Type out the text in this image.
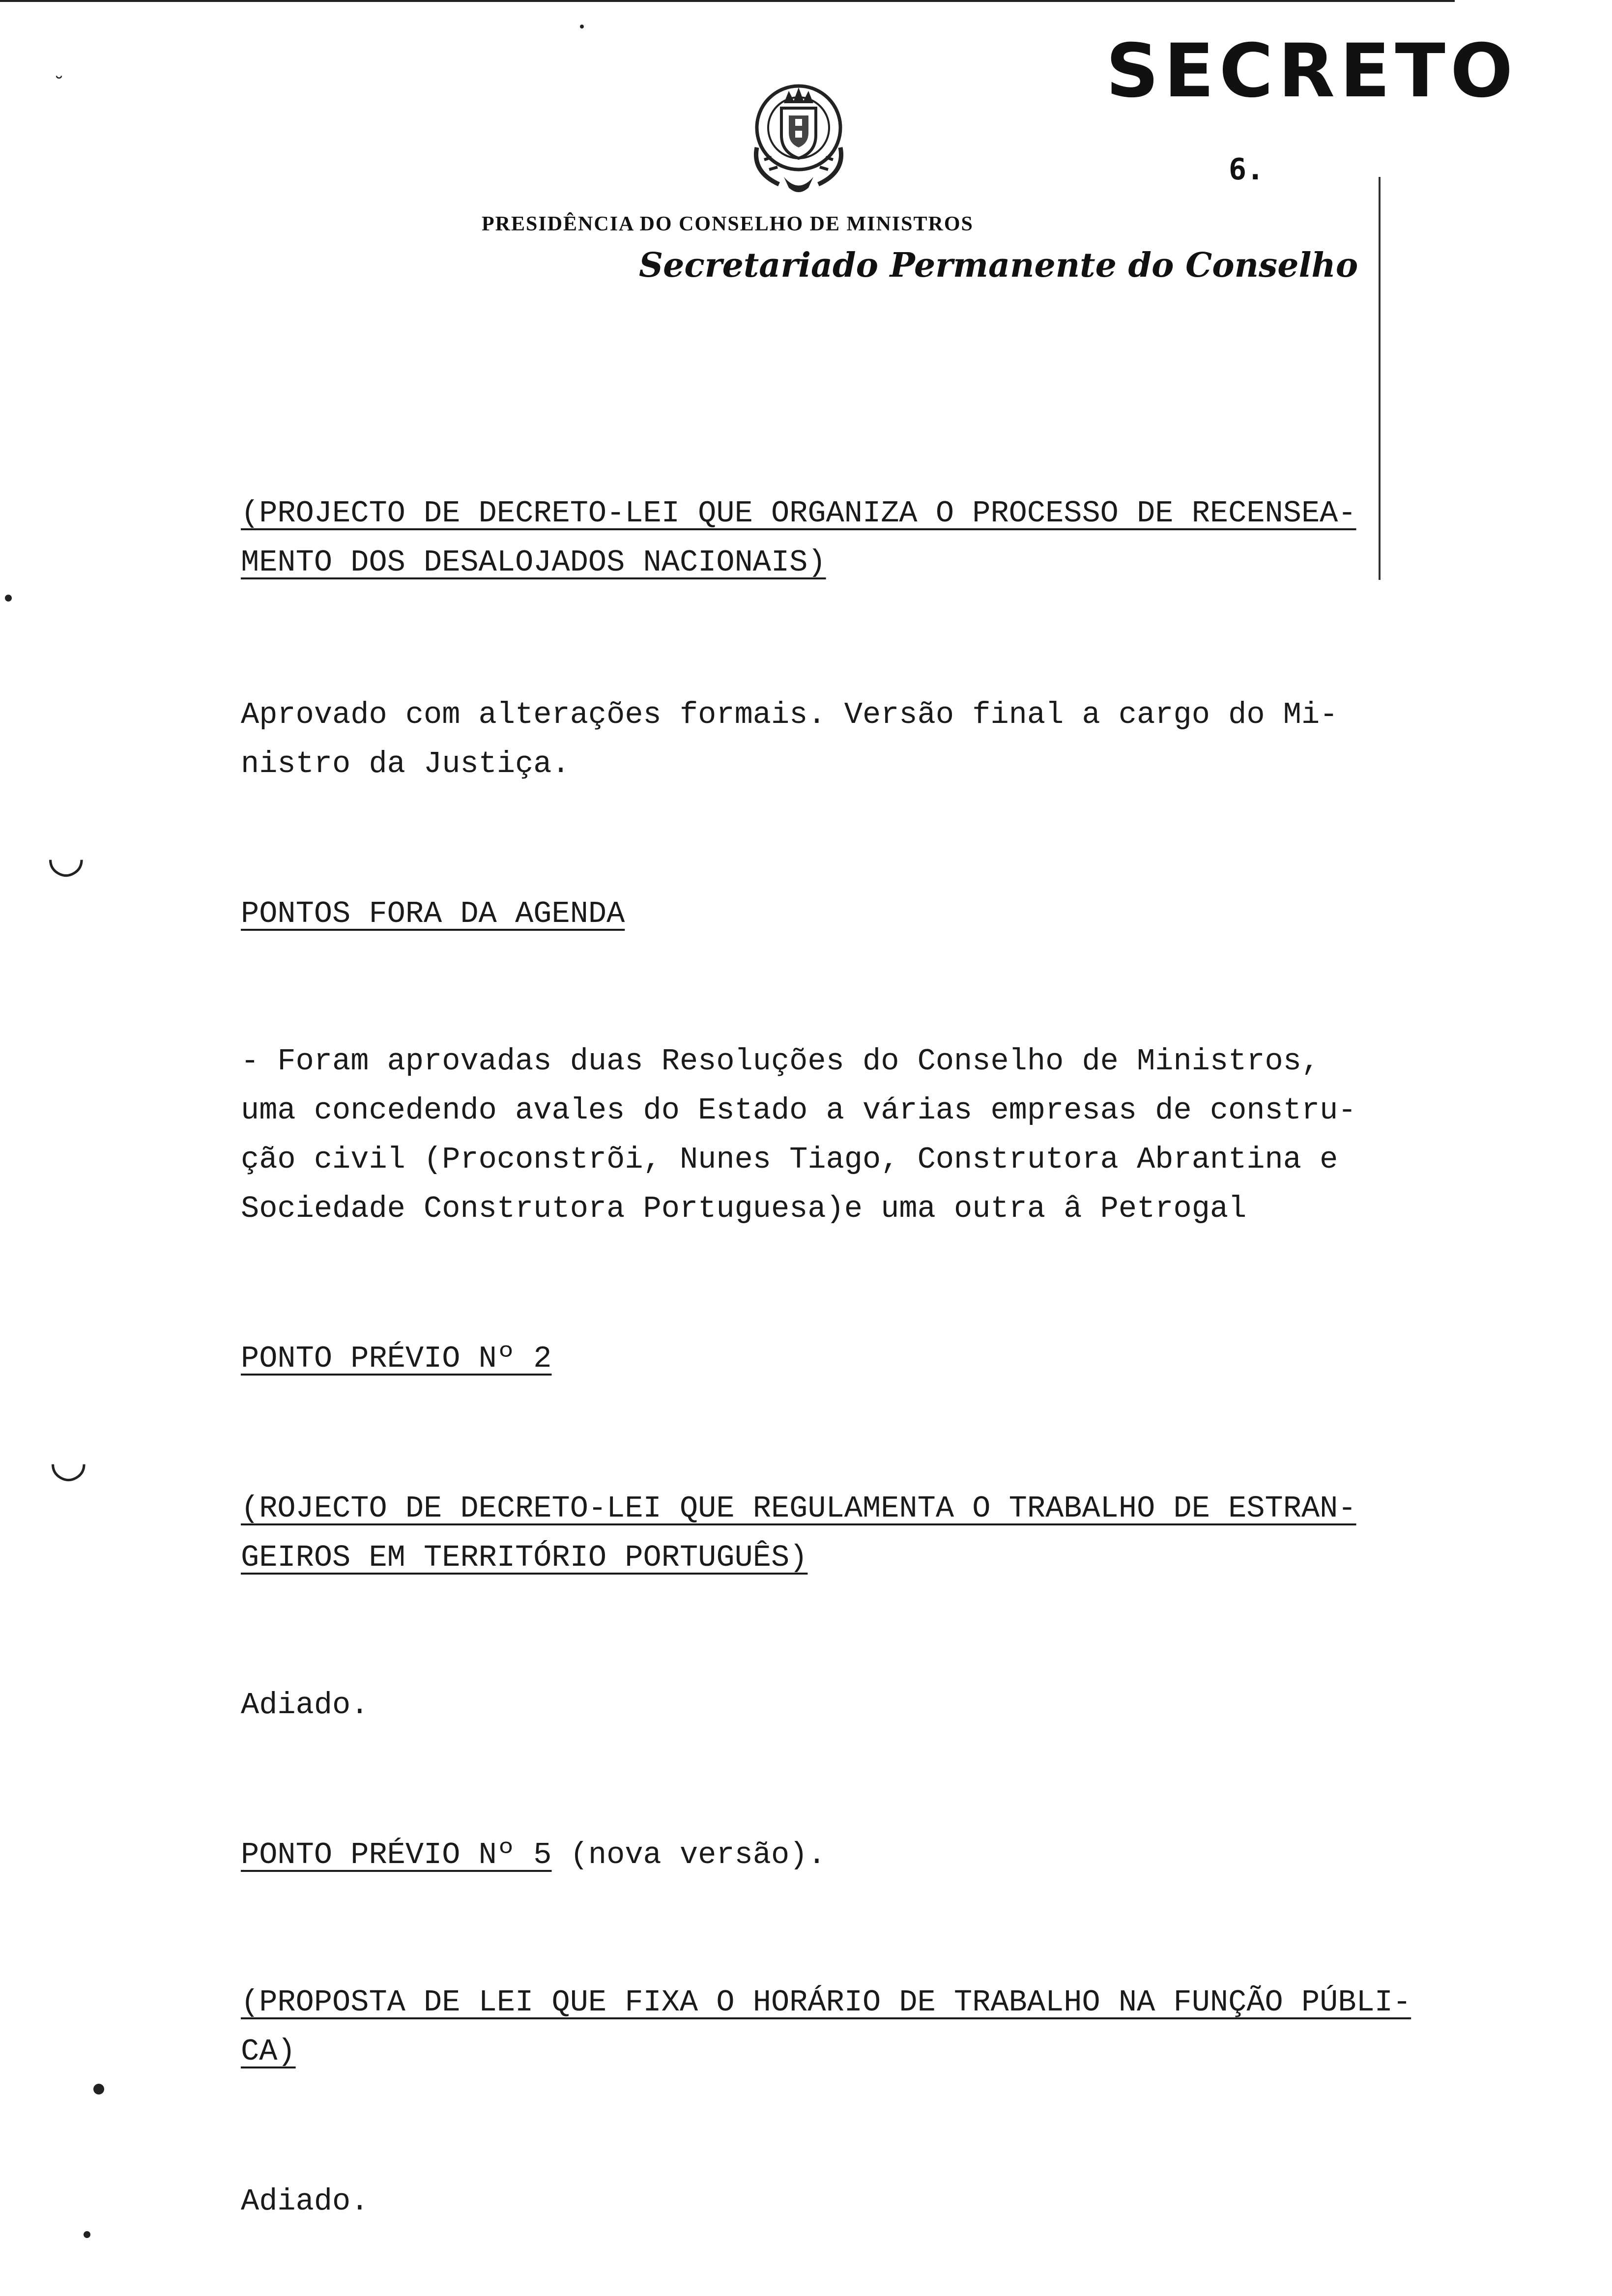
SECRETO
6.
PRESIDÊNCIA DO CONSELHO DE MINISTROS
Secretariado Permanente do Conselho
(PROJECTO DE DECRETO-LEI QUE ORGANIZA O PROCESSO DE RECENSEA-
MENTO DOS DESALOJADOS NACIONAIS)
Aprovado com alterações formais. Versão final a cargo do Mi-
nistro da Justiça.
PONTOS FORA DA AGENDA
- Foram aprovadas duas Resoluções do Conselho de Ministros,
uma concedendo avales do Estado a várias empresas de constru-
ção civil (Proconstrõi, Nunes Tiago, Construtora Abrantina e
Sociedade Construtora Portuguesa)e uma outra â Petrogal
PONTO PRÉVIO Nº 2
(ROJECTO DE DECRETO-LEI QUE REGULAMENTA O TRABALHO DE ESTRAN-
GEIROS EM TERRITÓRIO PORTUGUÊS)
Adiado.
PONTO PRÉVIO Nº 5 (nova versão).
(PROPOSTA DE LEI QUE FIXA O HORÁRIO DE TRABALHO NA FUNÇÃO PÚBLI-
CA)
Adiado.
˘
◡
◡
